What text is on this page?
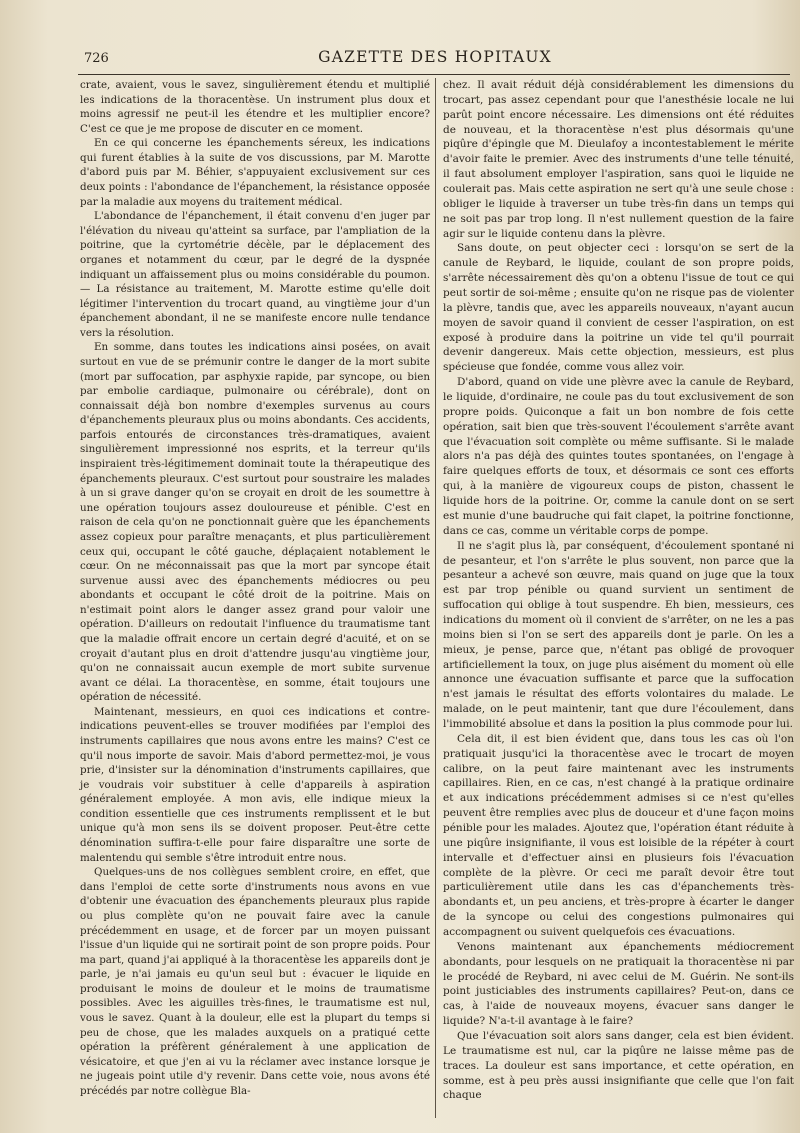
726	GAZETTE DES HOPITAUX

crate, avaient, vous le savez, singulièrement étendu et multiplié les indications de la thoracentèse. Un instrument plus doux et moins agressif ne peut-il les étendre et les multiplier encore? C'est ce que je me propose de discuter en ce moment.

En ce qui concerne les épanchements séreux, les indications qui furent établies à la suite de vos discussions, par M. Marotte d'abord puis par M. Béhier, s'appuyaient exclusivement sur ces deux points : l'abondance de l'épanchement, la résistance opposée par la maladie aux moyens du traitement médical.

L'abondance de l'épanchement, il était convenu d'en juger par l'élévation du niveau qu'atteint sa surface, par l'ampliation de la poitrine, que la cyrtométrie décèle, par le déplacement des organes et notamment du cœur, par le degré de la dyspnée indiquant un affaissement plus ou moins considérable du poumon. — La résistance au traitement, M. Marotte estime qu'elle doit légitimer l'intervention du trocart quand, au vingtième jour d'un épanchement abondant, il ne se manifeste encore nulle tendance vers la résolution.

En somme, dans toutes les indications ainsi posées, on avait surtout en vue de se prémunir contre le danger de la mort subite (mort par suffocation, par asphyxie rapide, par syncope, ou bien par embolie cardiaque, pulmonaire ou cérébrale), dont on connaissait déjà bon nombre d'exemples survenus au cours d'épanchements pleuraux plus ou moins abondants. Ces accidents, parfois entourés de circonstances très-dramatiques, avaient singulièrement impressionné nos esprits, et la terreur qu'ils inspiraient très-légitimement dominait toute la thérapeutique des épanchements pleuraux. C'est surtout pour soustraire les malades à un si grave danger qu'on se croyait en droit de les soumettre à une opération toujours assez douloureuse et pénible. C'est en raison de cela qu'on ne ponctionnait guère que les épanchements assez copieux pour paraître menaçants, et plus particulièrement ceux qui, occupant le côté gauche, déplaçaient notablement le cœur. On ne méconnaissait pas que la mort par syncope était survenue aussi avec des épanchements médiocres ou peu abondants et occupant le côté droit de la poitrine. Mais on n'estimait point alors le danger assez grand pour valoir une opération. D'ailleurs on redoutait l'influence du traumatisme tant que la maladie offrait encore un certain degré d'acuité, et on se croyait d'autant plus en droit d'attendre jusqu'au vingtième jour, qu'on ne connaissait aucun exemple de mort subite survenue avant ce délai. La thoracentèse, en somme, était toujours une opération de nécessité.

Maintenant, messieurs, en quoi ces indications et contre-indications peuvent-elles se trouver modifiées par l'emploi des instruments capillaires que nous avons entre les mains? C'est ce qu'il nous importe de savoir. Mais d'abord permettez-moi, je vous prie, d'insister sur la dénomination d'instruments capillaires, que je voudrais voir substituer à celle d'appareils à aspiration généralement employée. A mon avis, elle indique mieux la condition essentielle que ces instruments remplissent et le but unique qu'à mon sens ils se doivent proposer. Peut-être cette dénomination suffira-t-elle pour faire disparaître une sorte de malentendu qui semble s'être introduit entre nous.

Quelques-uns de nos collègues semblent croire, en effet, que dans l'emploi de cette sorte d'instruments nous avons en vue d'obtenir une évacuation des épanchements pleuraux plus rapide ou plus complète qu'on ne pouvait faire avec la canule précédemment en usage, et de forcer par un moyen puissant l'issue d'un liquide qui ne sortirait point de son propre poids. Pour ma part, quand j'ai appliqué à la thoracentèse les appareils dont je parle, je n'ai jamais eu qu'un seul but : évacuer le liquide en produisant le moins de douleur et le moins de traumatisme possibles. Avec les aiguilles très-fines, le traumatisme est nul, vous le savez. Quant à la douleur, elle est la plupart du temps si peu de chose, que les malades auxquels on a pratiqué cette opération la préfèrent généralement à une application de vésicatoire, et que j'en ai vu la réclamer avec instance lorsque je ne jugeais point utile d'y revenir. Dans cette voie, nous avons été précédés par notre collègue Bla-

chez. Il avait réduit déjà considérablement les dimensions du trocart, pas assez cependant pour que l'anesthésie locale ne lui parût point encore nécessaire. Les dimensions ont été réduites de nouveau, et la thoracentèse n'est plus désormais qu'une piqûre d'épingle que M. Dieulafoy a incontestablement le mérite d'avoir faite le premier. Avec des instruments d'une telle ténuité, il faut absolument employer l'aspiration, sans quoi le liquide ne coulerait pas. Mais cette aspiration ne sert qu'à une seule chose : obliger le liquide à traverser un tube très-fin dans un temps qui ne soit pas par trop long. Il n'est nullement question de la faire agir sur le liquide contenu dans la plèvre.

Sans doute, on peut objecter ceci : lorsqu'on se sert de la canule de Reybard, le liquide, coulant de son propre poids, s'arrête nécessairement dès qu'on a obtenu l'issue de tout ce qui peut sortir de soi-même ; ensuite qu'on ne risque pas de violenter la plèvre, tandis que, avec les appareils nouveaux, n'ayant aucun moyen de savoir quand il convient de cesser l'aspiration, on est exposé à produire dans la poitrine un vide tel qu'il pourrait devenir dangereux. Mais cette objection, messieurs, est plus spécieuse que fondée, comme vous allez voir.

D'abord, quand on vide une plèvre avec la canule de Reybard, le liquide, d'ordinaire, ne coule pas du tout exclusivement de son propre poids. Quiconque a fait un bon nombre de fois cette opération, sait bien que très-souvent l'écoulement s'arrête avant que l'évacuation soit complète ou même suffisante. Si le malade alors n'a pas déjà des quintes toutes spontanées, on l'engage à faire quelques efforts de toux, et désormais ce sont ces efforts qui, à la manière de vigoureux coups de piston, chassent le liquide hors de la poitrine. Or, comme la canule dont on se sert est munie d'une baudruche qui fait clapet, la poitrine fonctionne, dans ce cas, comme un véritable corps de pompe.

Il ne s'agit plus là, par conséquent, d'écoulement spontané ni de pesanteur, et l'on s'arrête le plus souvent, non parce que la pesanteur a achevé son œuvre, mais quand on juge que la toux est par trop pénible ou quand survient un sentiment de suffocation qui oblige à tout suspendre. Eh bien, messieurs, ces indications du moment où il convient de s'arrêter, on ne les a pas moins bien si l'on se sert des appareils dont je parle. On les a mieux, je pense, parce que, n'étant pas obligé de provoquer artificiellement la toux, on juge plus aisément du moment où elle annonce une évacuation suffisante et parce que la suffocation n'est jamais le résultat des efforts volontaires du malade. Le malade, on le peut maintenir, tant que dure l'écoulement, dans l'immobilité absolue et dans la position la plus commode pour lui.

Cela dit, il est bien évident que, dans tous les cas où l'on pratiquait jusqu'ici la thoracentèse avec le trocart de moyen calibre, on la peut faire maintenant avec les instruments capillaires. Rien, en ce cas, n'est changé à la pratique ordinaire et aux indications précédemment admises si ce n'est qu'elles peuvent être remplies avec plus de douceur et d'une façon moins pénible pour les malades. Ajoutez que, l'opération étant réduite à une piqûre insignifiante, il vous est loisible de la répéter à court intervalle et d'effectuer ainsi en plusieurs fois l'évacuation complète de la plèvre. Or ceci me paraît devoir être tout particulièrement utile dans les cas d'épanchements très-abondants et, un peu anciens, et très-propre à écarter le danger de la syncope ou celui des congestions pulmonaires qui accompagnent ou suivent quelquefois ces évacuations.

Venons maintenant aux épanchements médiocrement abondants, pour lesquels on ne pratiquait la thoracentèse ni par le procédé de Reybard, ni avec celui de M. Guérin. Ne sont-ils point justiciables des instruments capillaires? Peut-on, dans ce cas, à l'aide de nouveaux moyens, évacuer sans danger le liquide? N'a-t-il avantage à le faire?

Que l'évacuation soit alors sans danger, cela est bien évident. Le traumatisme est nul, car la piqûre ne laisse même pas de traces. La douleur est sans importance, et cette opération, en somme, est à peu près aussi insignifiante que celle que l'on fait chaque
